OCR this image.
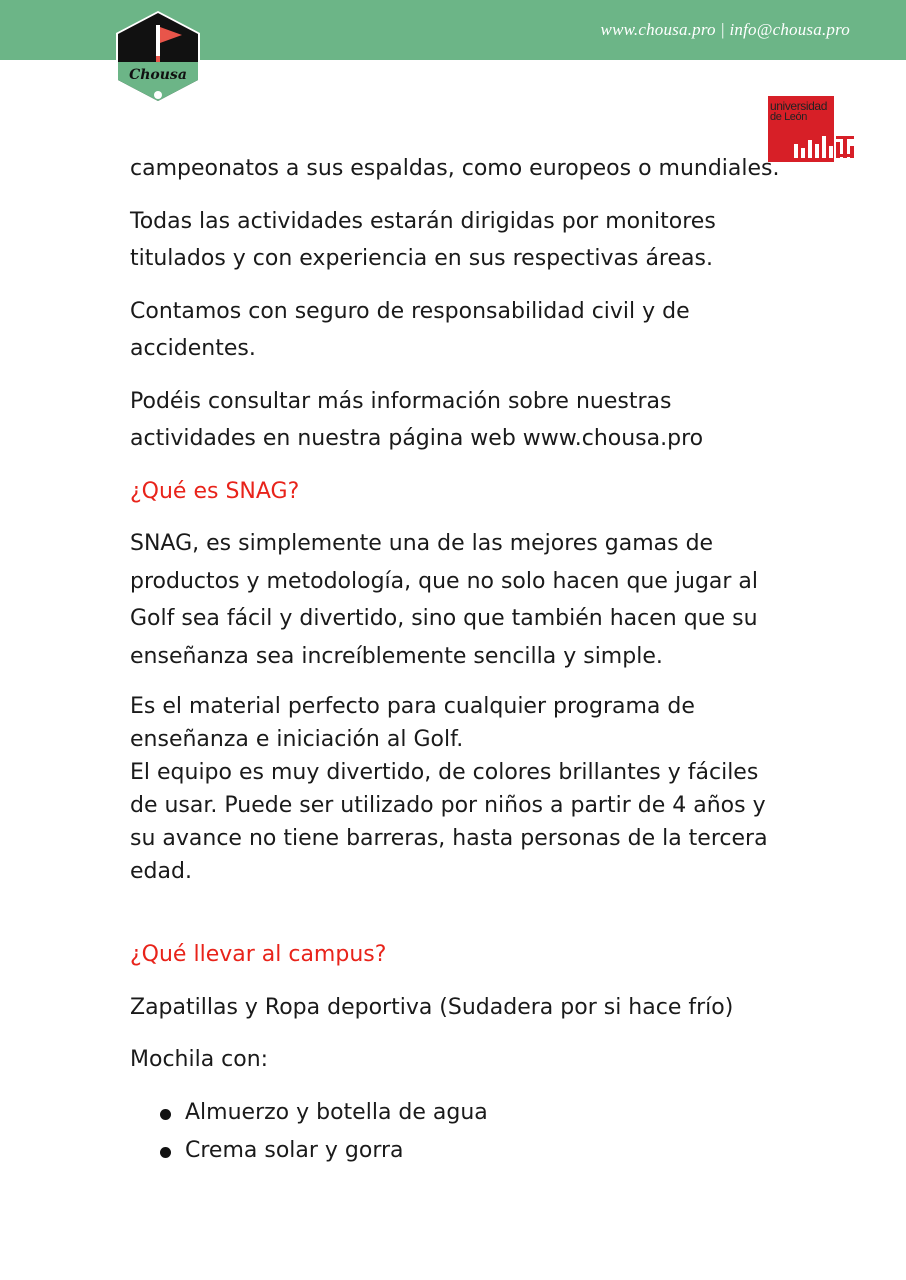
www.chousa.pro | info@chousa.pro
Chousa
universidad
de León

campeonatos a sus espaldas, como europeos o mundiales.

Todas las actividades estarán dirigidas por monitores titulados y con experiencia en sus respectivas áreas.

Contamos con seguro de responsabilidad civil y de accidentes.

Podéis consultar más información sobre nuestras actividades en nuestra página web www.chousa.pro

¿Qué es SNAG?

SNAG, es simplemente una de las mejores gamas de productos y metodología, que no solo hacen que jugar al Golf sea fácil y divertido, sino que también hacen que su enseñanza sea increíblemente sencilla y simple.

Es el material perfecto para cualquier programa de enseñanza e iniciación al Golf.

El equipo es muy divertido, de colores brillantes y fáciles de usar. Puede ser utilizado por niños a partir de 4 años y su avance no tiene barreras, hasta personas de la tercera edad.

¿Qué llevar al campus?

Zapatillas y Ropa deportiva (Sudadera por si hace frío)

Mochila con:

Almuerzo y botella de agua
Crema solar y gorra
